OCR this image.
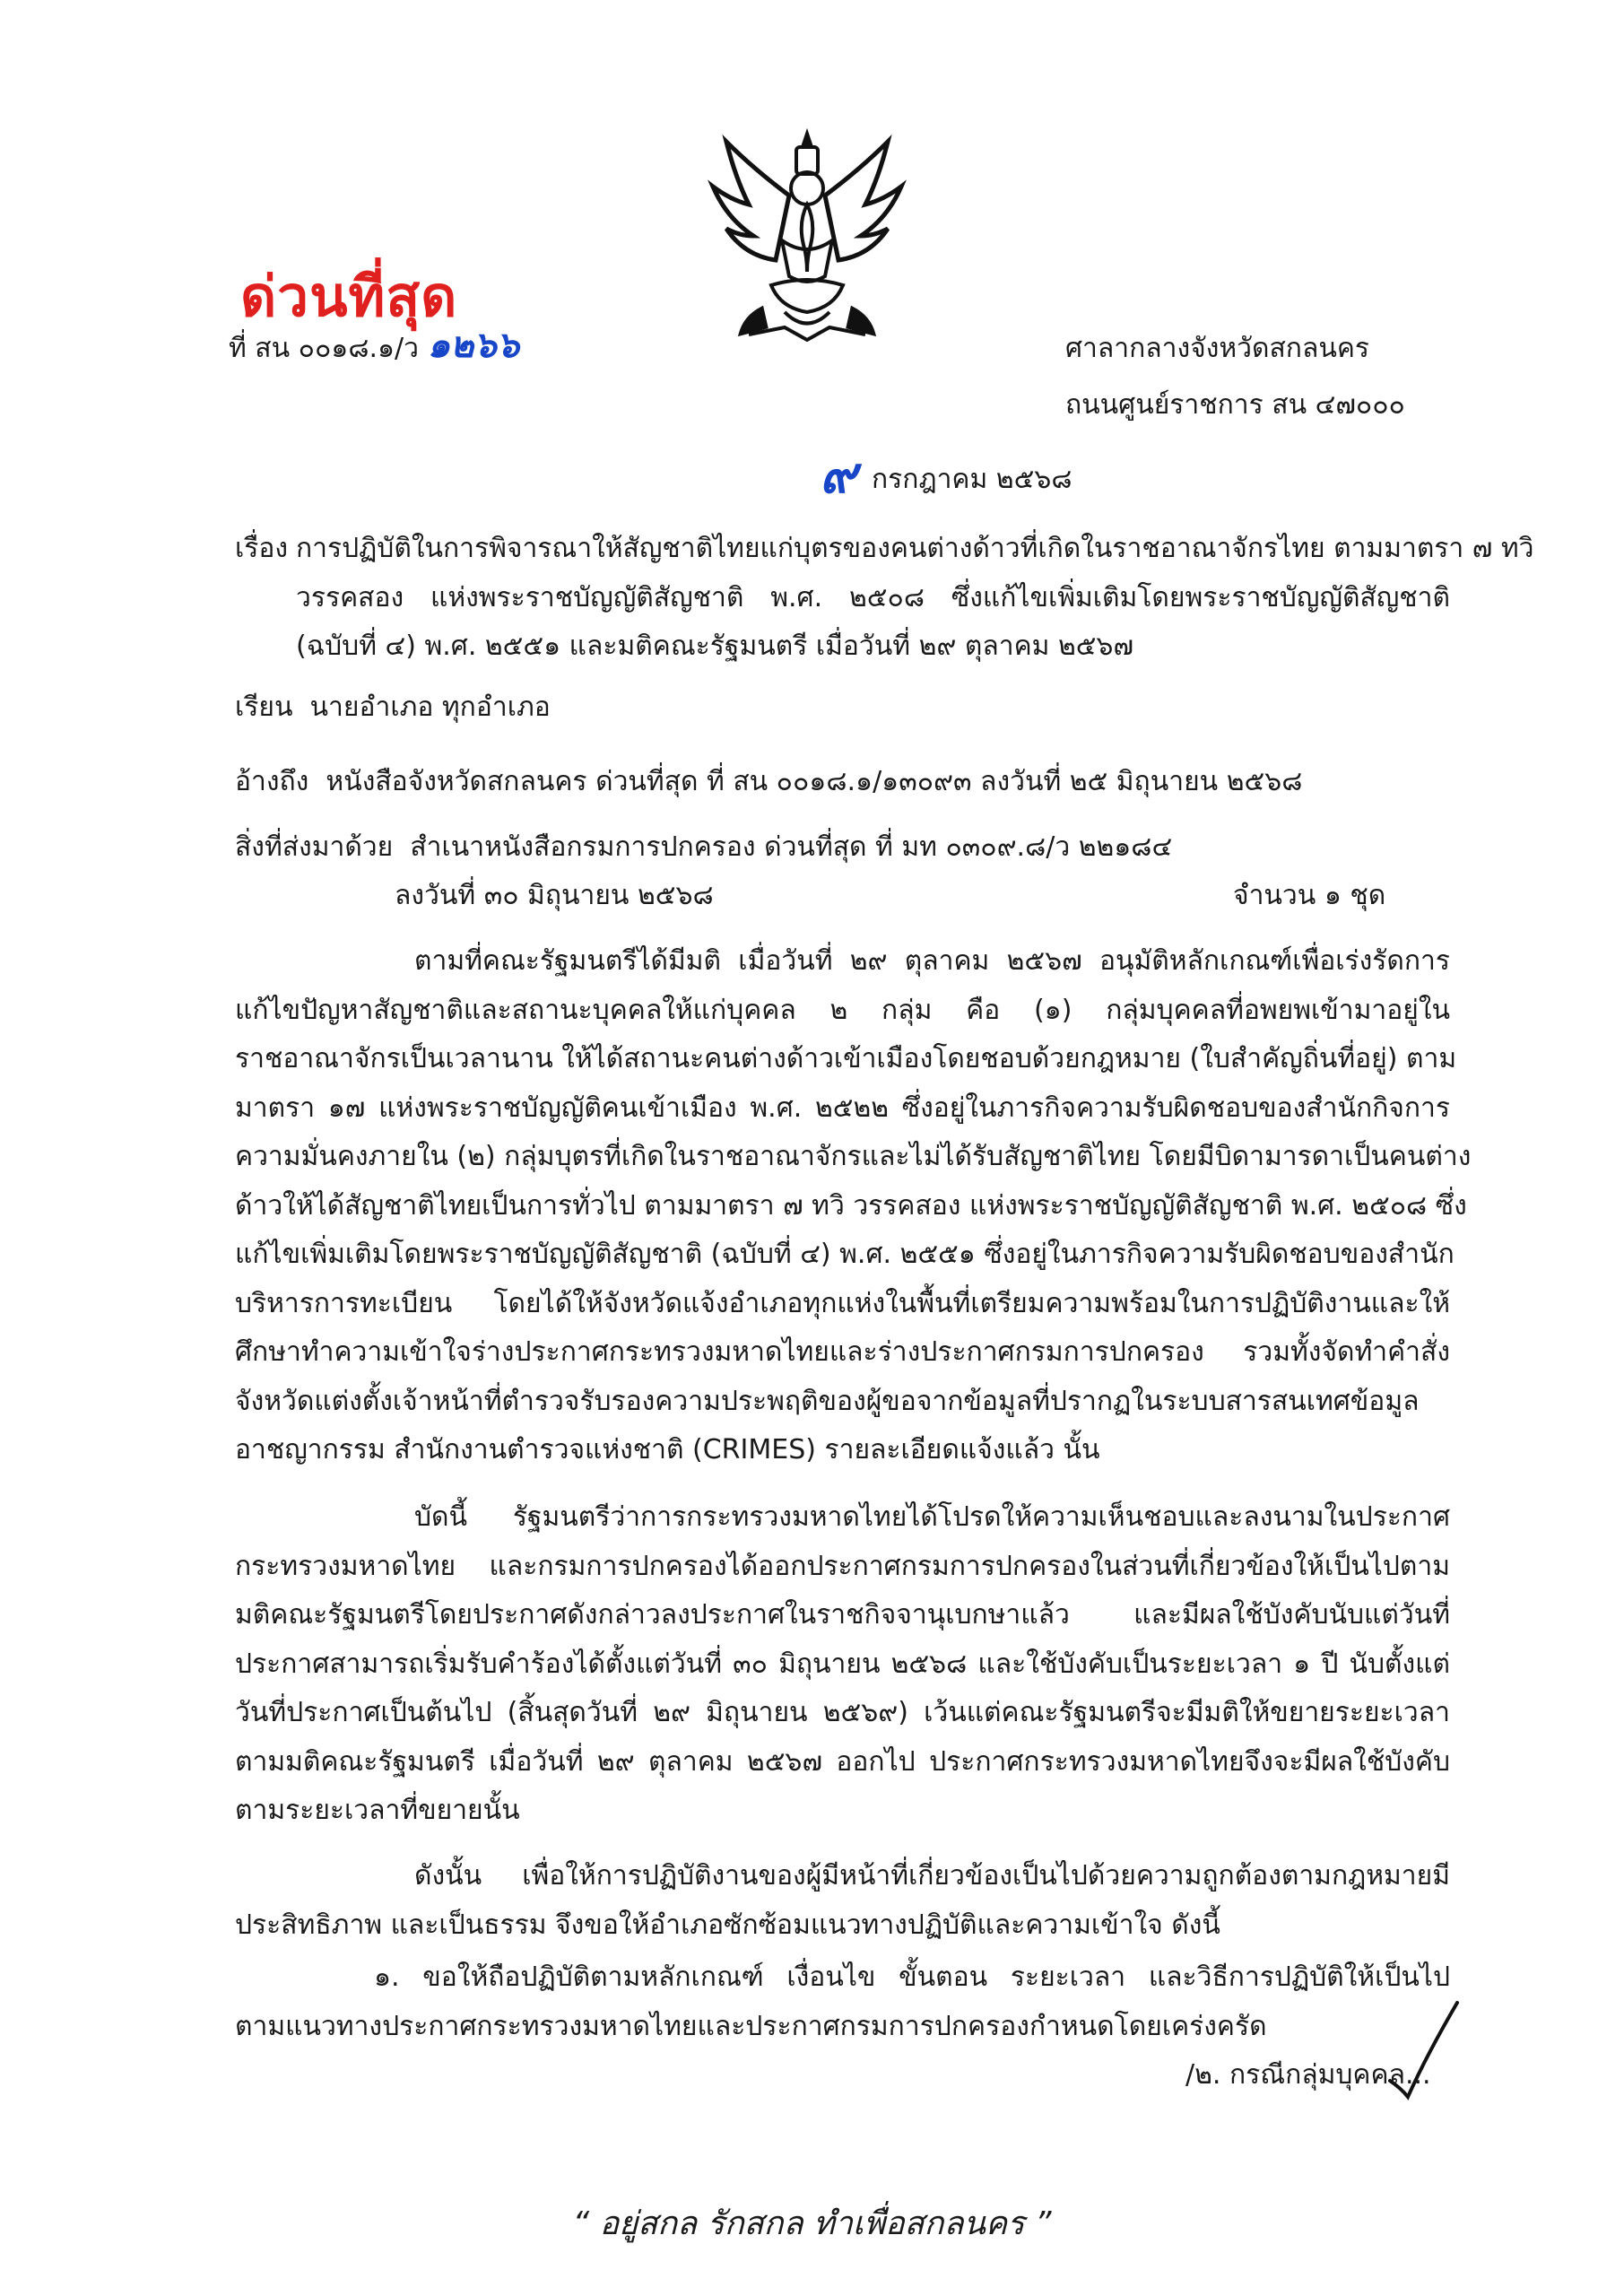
ด่วนที่สุด
ที่ สน ๐๐๑๘.๑/ว ๑๒๖๖	ศาลากลางจังหวัดสกลนคร
ถนนศูนย์ราชการ สน ๔๗๐๐๐
๙ กรกฎาคม ๒๕๖๘
เรื่อง การปฏิบัติในการพิจารณาให้สัญชาติไทยแก่บุตรของคนต่างด้าวที่เกิดในราชอาณาจักรไทย ตามมาตรา ๗ ทวิ
วรรคสอง แห่งพระราชบัญญัติสัญชาติ พ.ศ. ๒๕๐๘ ซึ่งแก้ไขเพิ่มเติมโดยพระราชบัญญัติสัญชาติ
(ฉบับที่ ๔) พ.ศ. ๒๕๕๑ และมติคณะรัฐมนตรี เมื่อวันที่ ๒๙ ตุลาคม ๒๕๖๗
เรียน นายอำเภอ ทุกอำเภอ
อ้างถึง หนังสือจังหวัดสกลนคร ด่วนที่สุด ที่ สน ๐๐๑๘.๑/๑๓๐๙๓ ลงวันที่ ๒๕ มิถุนายน ๒๕๖๘
สิ่งที่ส่งมาด้วย สำเนาหนังสือกรมการปกครอง ด่วนที่สุด ที่ มท ๐๓๐๙.๘/ว ๒๒๑๘๔
ลงวันที่ ๓๐ มิถุนายน ๒๕๖๘	จำนวน ๑ ชุด
ตามที่คณะรัฐมนตรีได้มีมติ เมื่อวันที่ ๒๙ ตุลาคม ๒๕๖๗ อนุมัติหลักเกณฑ์เพื่อเร่งรัดการ
แก้ไขปัญหาสัญชาติและสถานะบุคคลให้แก่บุคคล ๒ กลุ่ม คือ (๑) กลุ่มบุคคลที่อพยพเข้ามาอยู่ใน
ราชอาณาจักรเป็นเวลานาน ให้ได้สถานะคนต่างด้าวเข้าเมืองโดยชอบด้วยกฎหมาย (ใบสำคัญถิ่นที่อยู่) ตาม
มาตรา ๑๗ แห่งพระราชบัญญัติคนเข้าเมือง พ.ศ. ๒๕๒๒ ซึ่งอยู่ในภารกิจความรับผิดชอบของสำนักกิจการ
ความมั่นคงภายใน (๒) กลุ่มบุตรที่เกิดในราชอาณาจักรและไม่ได้รับสัญชาติไทย โดยมีบิดามารดาเป็นคนต่าง
ด้าวให้ได้สัญชาติไทยเป็นการทั่วไป ตามมาตรา ๗ ทวิ วรรคสอง แห่งพระราชบัญญัติสัญชาติ พ.ศ. ๒๕๐๘ ซึ่ง
แก้ไขเพิ่มเติมโดยพระราชบัญญัติสัญชาติ (ฉบับที่ ๔) พ.ศ. ๒๕๕๑ ซึ่งอยู่ในภารกิจความรับผิดชอบของสำนัก
บริหารการทะเบียน โดยได้ให้จังหวัดแจ้งอำเภอทุกแห่งในพื้นที่เตรียมความพร้อมในการปฏิบัติงานและให้
ศึกษาทำความเข้าใจร่างประกาศกระทรวงมหาดไทยและร่างประกาศกรมการปกครอง รวมทั้งจัดทำคำสั่ง
จังหวัดแต่งตั้งเจ้าหน้าที่ตำรวจรับรองความประพฤติของผู้ขอจากข้อมูลที่ปรากฏในระบบสารสนเทศข้อมูล
อาชญากรรม สำนักงานตำรวจแห่งชาติ (CRIMES) รายละเอียดแจ้งแล้ว นั้น
บัดนี้ รัฐมนตรีว่าการกระทรวงมหาดไทยได้โปรดให้ความเห็นชอบและลงนามในประกาศ
กระทรวงมหาดไทย และกรมการปกครองได้ออกประกาศกรมการปกครองในส่วนที่เกี่ยวข้องให้เป็นไปตาม
มติคณะรัฐมนตรีโดยประกาศดังกล่าวลงประกาศในราชกิจจานุเบกษาแล้ว และมีผลใช้บังคับนับแต่วันที่
ประกาศสามารถเริ่มรับคำร้องได้ตั้งแต่วันที่ ๓๐ มิถุนายน ๒๕๖๘ และใช้บังคับเป็นระยะเวลา ๑ ปี นับตั้งแต่
วันที่ประกาศเป็นต้นไป (สิ้นสุดวันที่ ๒๙ มิถุนายน ๒๕๖๙) เว้นแต่คณะรัฐมนตรีจะมีมติให้ขยายระยะเวลา
ตามมติคณะรัฐมนตรี เมื่อวันที่ ๒๙ ตุลาคม ๒๕๖๗ ออกไป ประกาศกระทรวงมหาดไทยจึงจะมีผลใช้บังคับ
ตามระยะเวลาที่ขยายนั้น
ดังนั้น เพื่อให้การปฏิบัติงานของผู้มีหน้าที่เกี่ยวข้องเป็นไปด้วยความถูกต้องตามกฎหมายมี
ประสิทธิภาพ และเป็นธรรม จึงขอให้อำเภอซักซ้อมแนวทางปฏิบัติและความเข้าใจ ดังนี้
๑. ขอให้ถือปฏิบัติตามหลักเกณฑ์ เงื่อนไข ขั้นตอน ระยะเวลา และวิธีการปฏิบัติให้เป็นไป
ตามแนวทางประกาศกระทรวงมหาดไทยและประกาศกรมการปกครองกำหนดโดยเคร่งครัด
/๒. กรณีกลุ่มบุคคล...
“ อยู่สกล รักสกล ทำเพื่อสกลนคร ”
